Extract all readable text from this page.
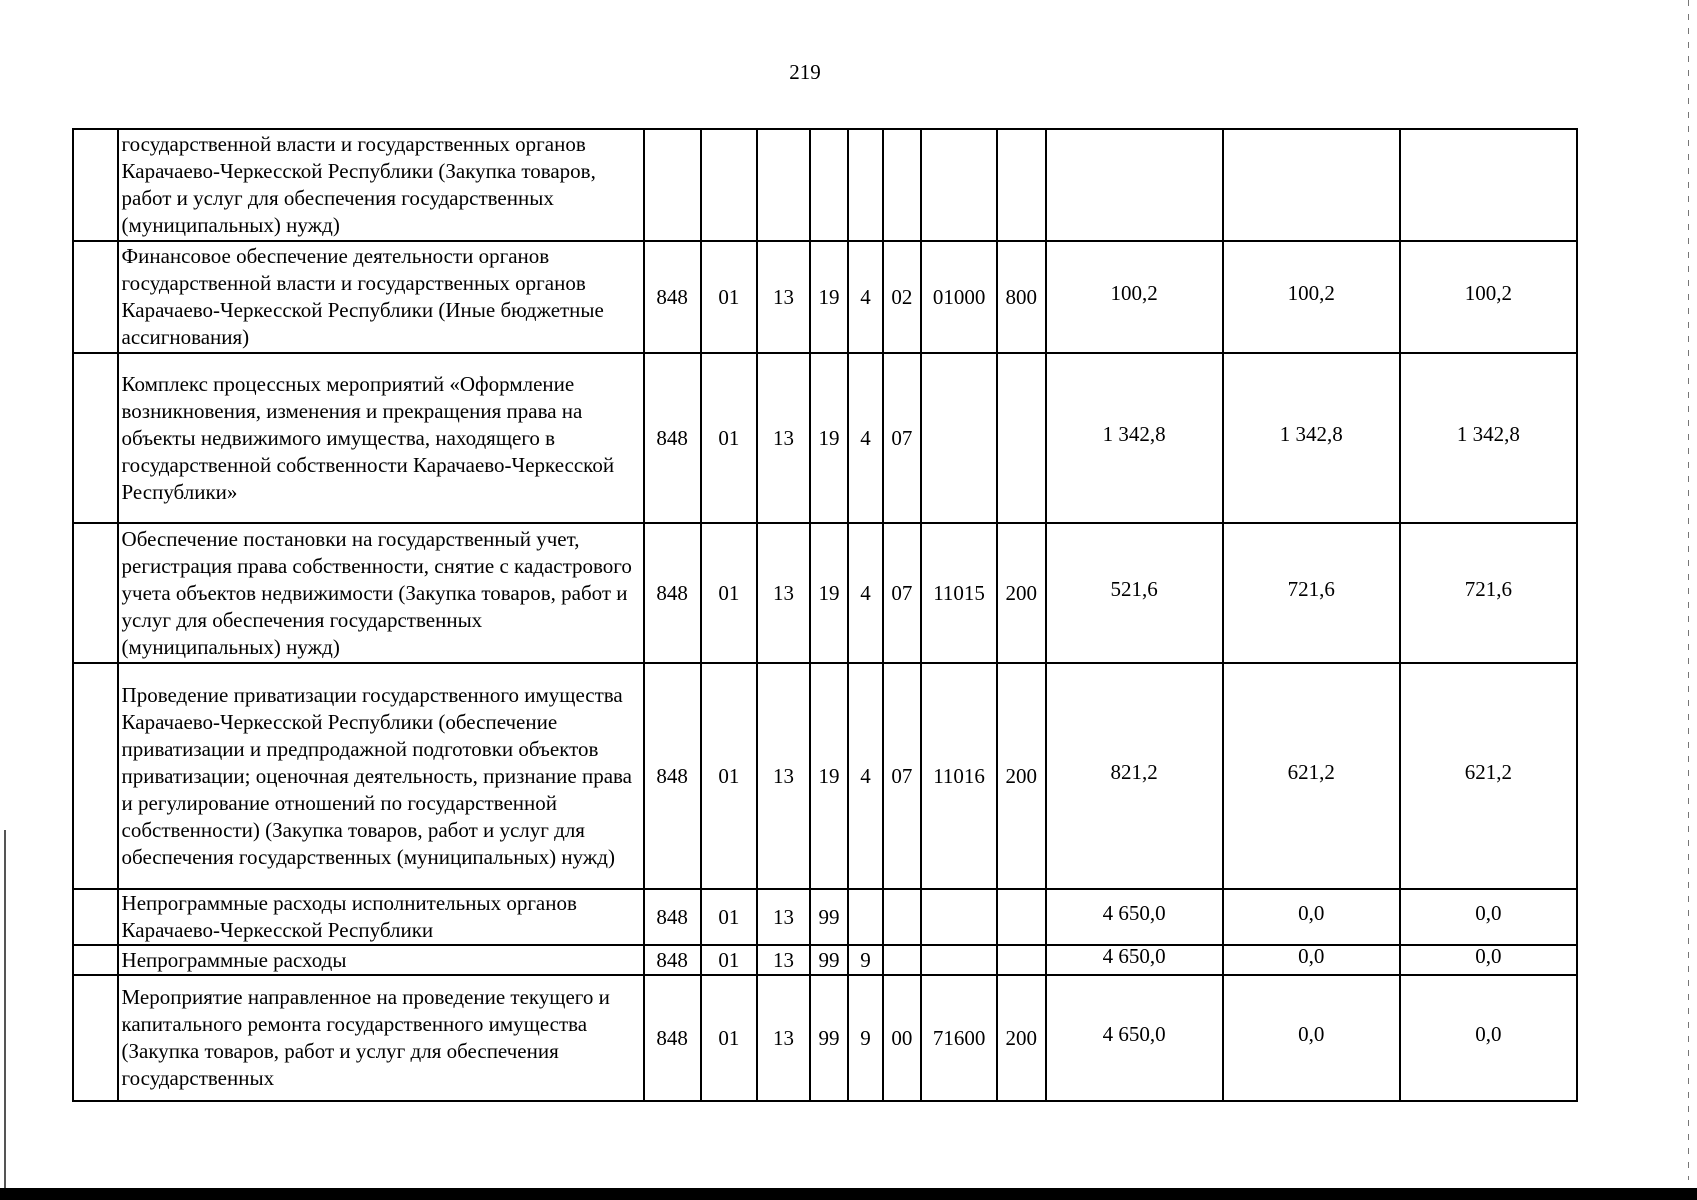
219
	государственной власти и государственных органов Карачаево-Черкесской Республики (Закупка товаров, работ и услуг для обеспечения государственных (муниципальных) нужд)											
	Финансовое обеспечение деятельности органов государственной власти и государственных органов Карачаево-Черкесской Республики (Иные бюджетные ассигнования)	848	01	13	19	4	02	01000	800	100,2	100,2	100,2
	Комплекс процессных мероприятий «Оформление возникновения, изменения и прекращения права на объекты недвижимого имущества, находящего в государственной собственности Карачаево-Черкесской Республики»	848	01	13	19	4	07			1 342,8	1 342,8	1 342,8
	Обеспечение постановки на государственный учет, регистрация права собственности, снятие с кадастрового учета объектов недвижимости (Закупка товаров, работ и услуг для обеспечения государственных (муниципальных) нужд)	848	01	13	19	4	07	11015	200	521,6	721,6	721,6
	Проведение приватизации государственного имущества Карачаево-Черкесской Республики (обеспечение приватизации и предпродажной подготовки объектов приватизации; оценочная деятельность, признание права и регулирование отношений по государственной собственности) (Закупка товаров, работ и услуг для обеспечения государственных (муниципальных) нужд)	848	01	13	19	4	07	11016	200	821,2	621,2	621,2
	Непрограммные расходы исполнительных органов Карачаево-Черкесской Республики	848	01	13	99					4 650,0	0,0	0,0
	Непрограммные расходы	848	01	13	99	9				4 650,0	0,0	0,0
	Мероприятие направленное на проведение текущего и капитального ремонта государственного имущества (Закупка товаров, работ и услуг для обеспечения государственных	848	01	13	99	9	00	71600	200	4 650,0	0,0	0,0
